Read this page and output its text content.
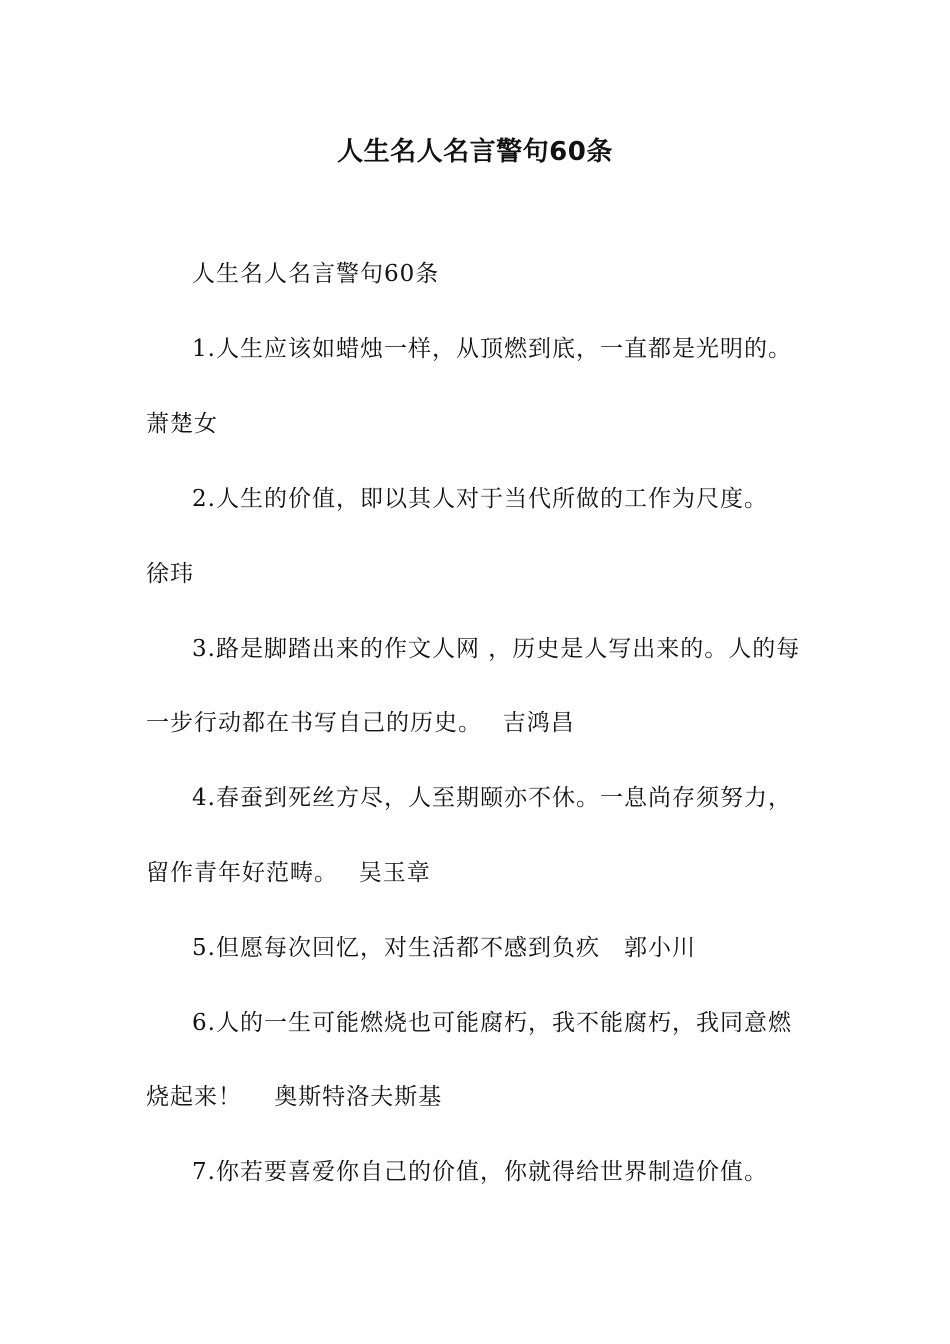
人生名人名言警句60条
人生名人名言警句60条
1.人生应该如蜡烛一样，从顶燃到底，一直都是光明的。
萧楚女
2.人生的价值，即以其人对于当代所做的工作为尺度。
徐玮
3.路是脚踏出来的作文人网 ，历史是人写出来的。人的每
一步行动都在书写自己的历史。　 吉鸿昌
4.春蚕到死丝方尽，人至期颐亦不休。一息尚存须努力，
留作青年好范畴。　 吴玉章
5.但愿每次回忆，对生活都不感到负疚　郭小川
6.人的一生可能燃烧也可能腐朽，我不能腐朽，我同意燃
烧起来！　 奥斯特洛夫斯基
7.你若要喜爱你自己的价值，你就得给世界制造价值。
